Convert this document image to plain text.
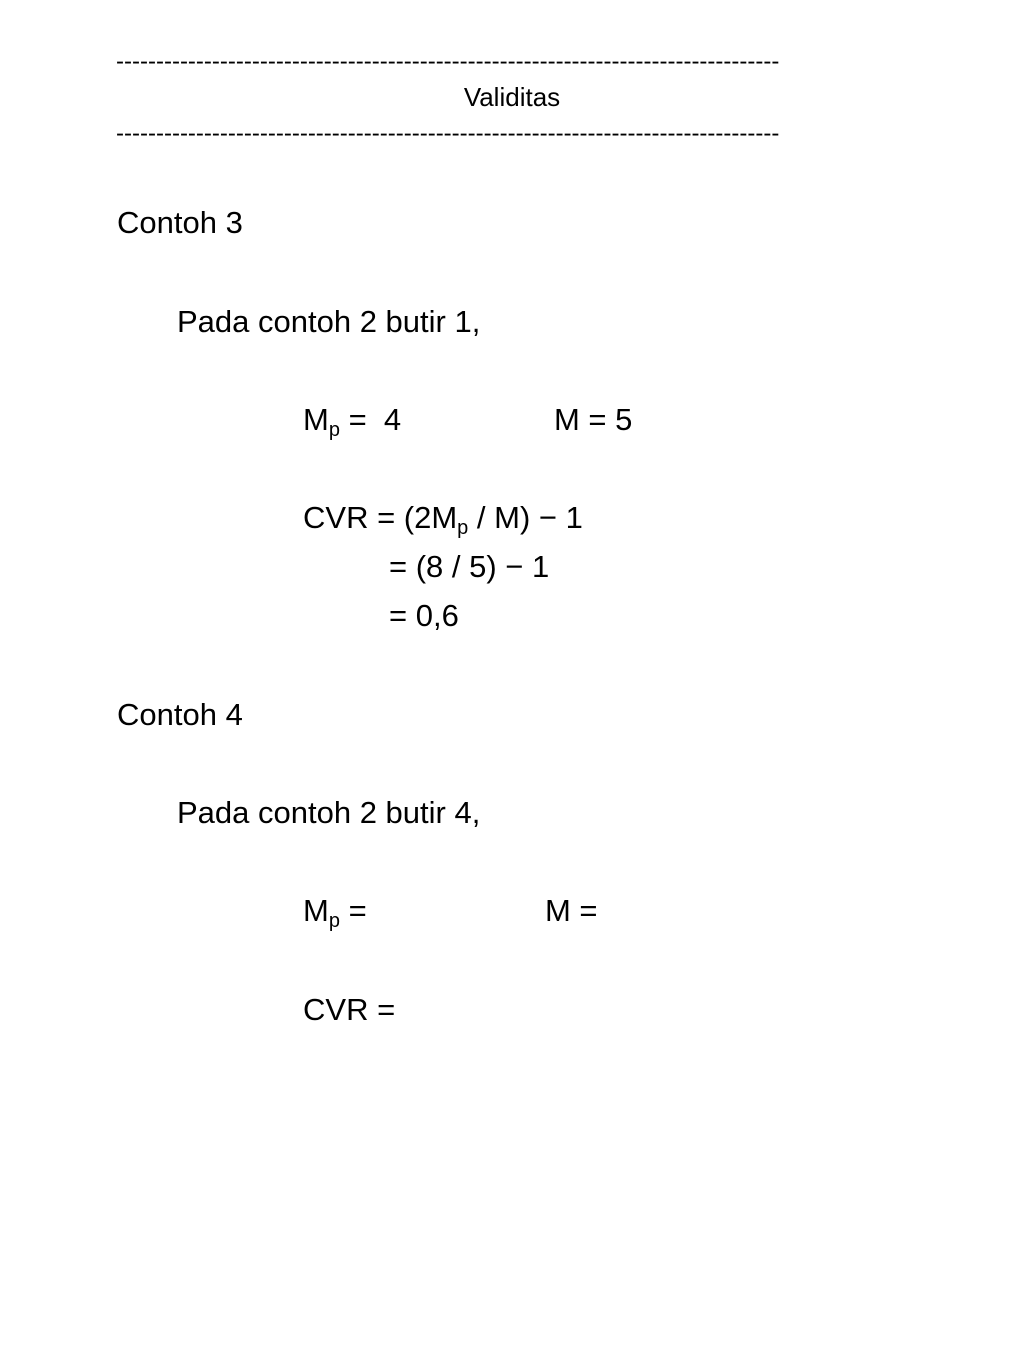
-----------------------------------------------------------------------------------
Validitas
-----------------------------------------------------------------------------------
Contoh 3
Pada contoh 2 butir 1,
$M_p = 4$	M = 5
CVR = $(2M_p / M) - 1$
= (8 / 5) − 1
= 0,6
Contoh 4
Pada contoh 2 butir 4,
$M_p$ =	M =
CVR =
